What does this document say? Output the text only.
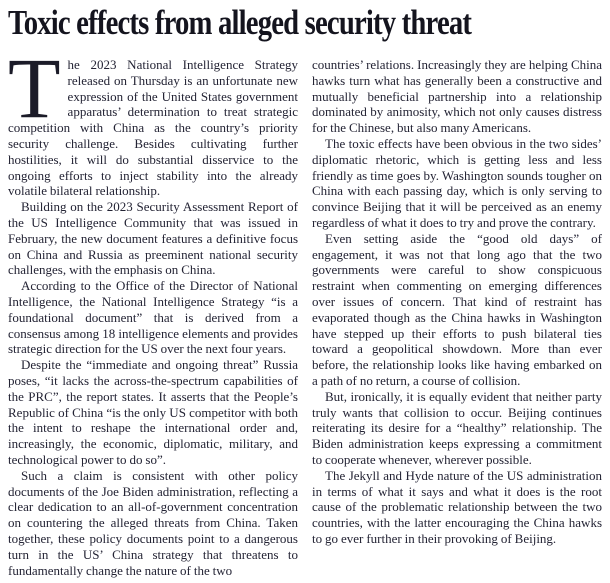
Toxic effects from alleged security threat

The 2023 National Intelligence Strategy released on Thursday is an unfortunate new expression of the United States government apparatus’ determination to treat strategic competition with China as the country’s priority security challenge. Besides cultivating further hostilities, it will do substantial disservice to the ongoing efforts to inject stability into the already volatile bilateral relationship.

Building on the 2023 Security Assessment Report of the US Intelligence Community that was issued in February, the new document features a definitive focus on China and Russia as preeminent national security challenges, with the emphasis on China.

According to the Office of the Director of National Intelligence, the National Intelligence Strategy “is a foundational document” that is derived from a consensus among 18 intelligence elements and provides strategic direction for the US over the next four years.

Despite the “immediate and ongoing threat” Russia poses, “it lacks the across-the-spectrum capabilities of the PRC”, the report states. It asserts that the People’s Republic of China “is the only US competitor with both the intent to reshape the international order and, increasingly, the economic, diplomatic, military, and technological power to do so”.

Such a claim is consistent with other policy documents of the Joe Biden administration, reflecting a clear dedication to an all-of-government concentration on countering the alleged threats from China. Taken together, these policy documents point to a dangerous turn in the US’ China strategy that threatens to fundamentally change the nature of the two

countries’ relations. Increasingly they are helping China hawks turn what has generally been a constructive and mutually beneficial partnership into a relationship dominated by animosity, which not only causes distress for the Chinese, but also many Americans.

The toxic effects have been obvious in the two sides’ diplomatic rhetoric, which is getting less and less friendly as time goes by. Washington sounds tougher on China with each passing day, which is only serving to convince Beijing that it will be perceived as an enemy regardless of what it does to try and prove the contrary.

Even setting aside the “good old days” of engagement, it was not that long ago that the two governments were careful to show conspicuous restraint when commenting on emerging differences over issues of concern. That kind of restraint has evaporated though as the China hawks in Washington have stepped up their efforts to push bilateral ties toward a geopolitical showdown. More than ever before, the relationship looks like having embarked on a path of no return, a course of collision.

But, ironically, it is equally evident that neither party truly wants that collision to occur. Beijing continues reiterating its desire for a “healthy” relationship. The Biden administration keeps expressing a commitment to cooperate whenever, wherever possible.

The Jekyll and Hyde nature of the US administration in terms of what it says and what it does is the root cause of the problematic relationship between the two countries, with the latter encouraging the China hawks to go ever further in their provoking of Beijing.
